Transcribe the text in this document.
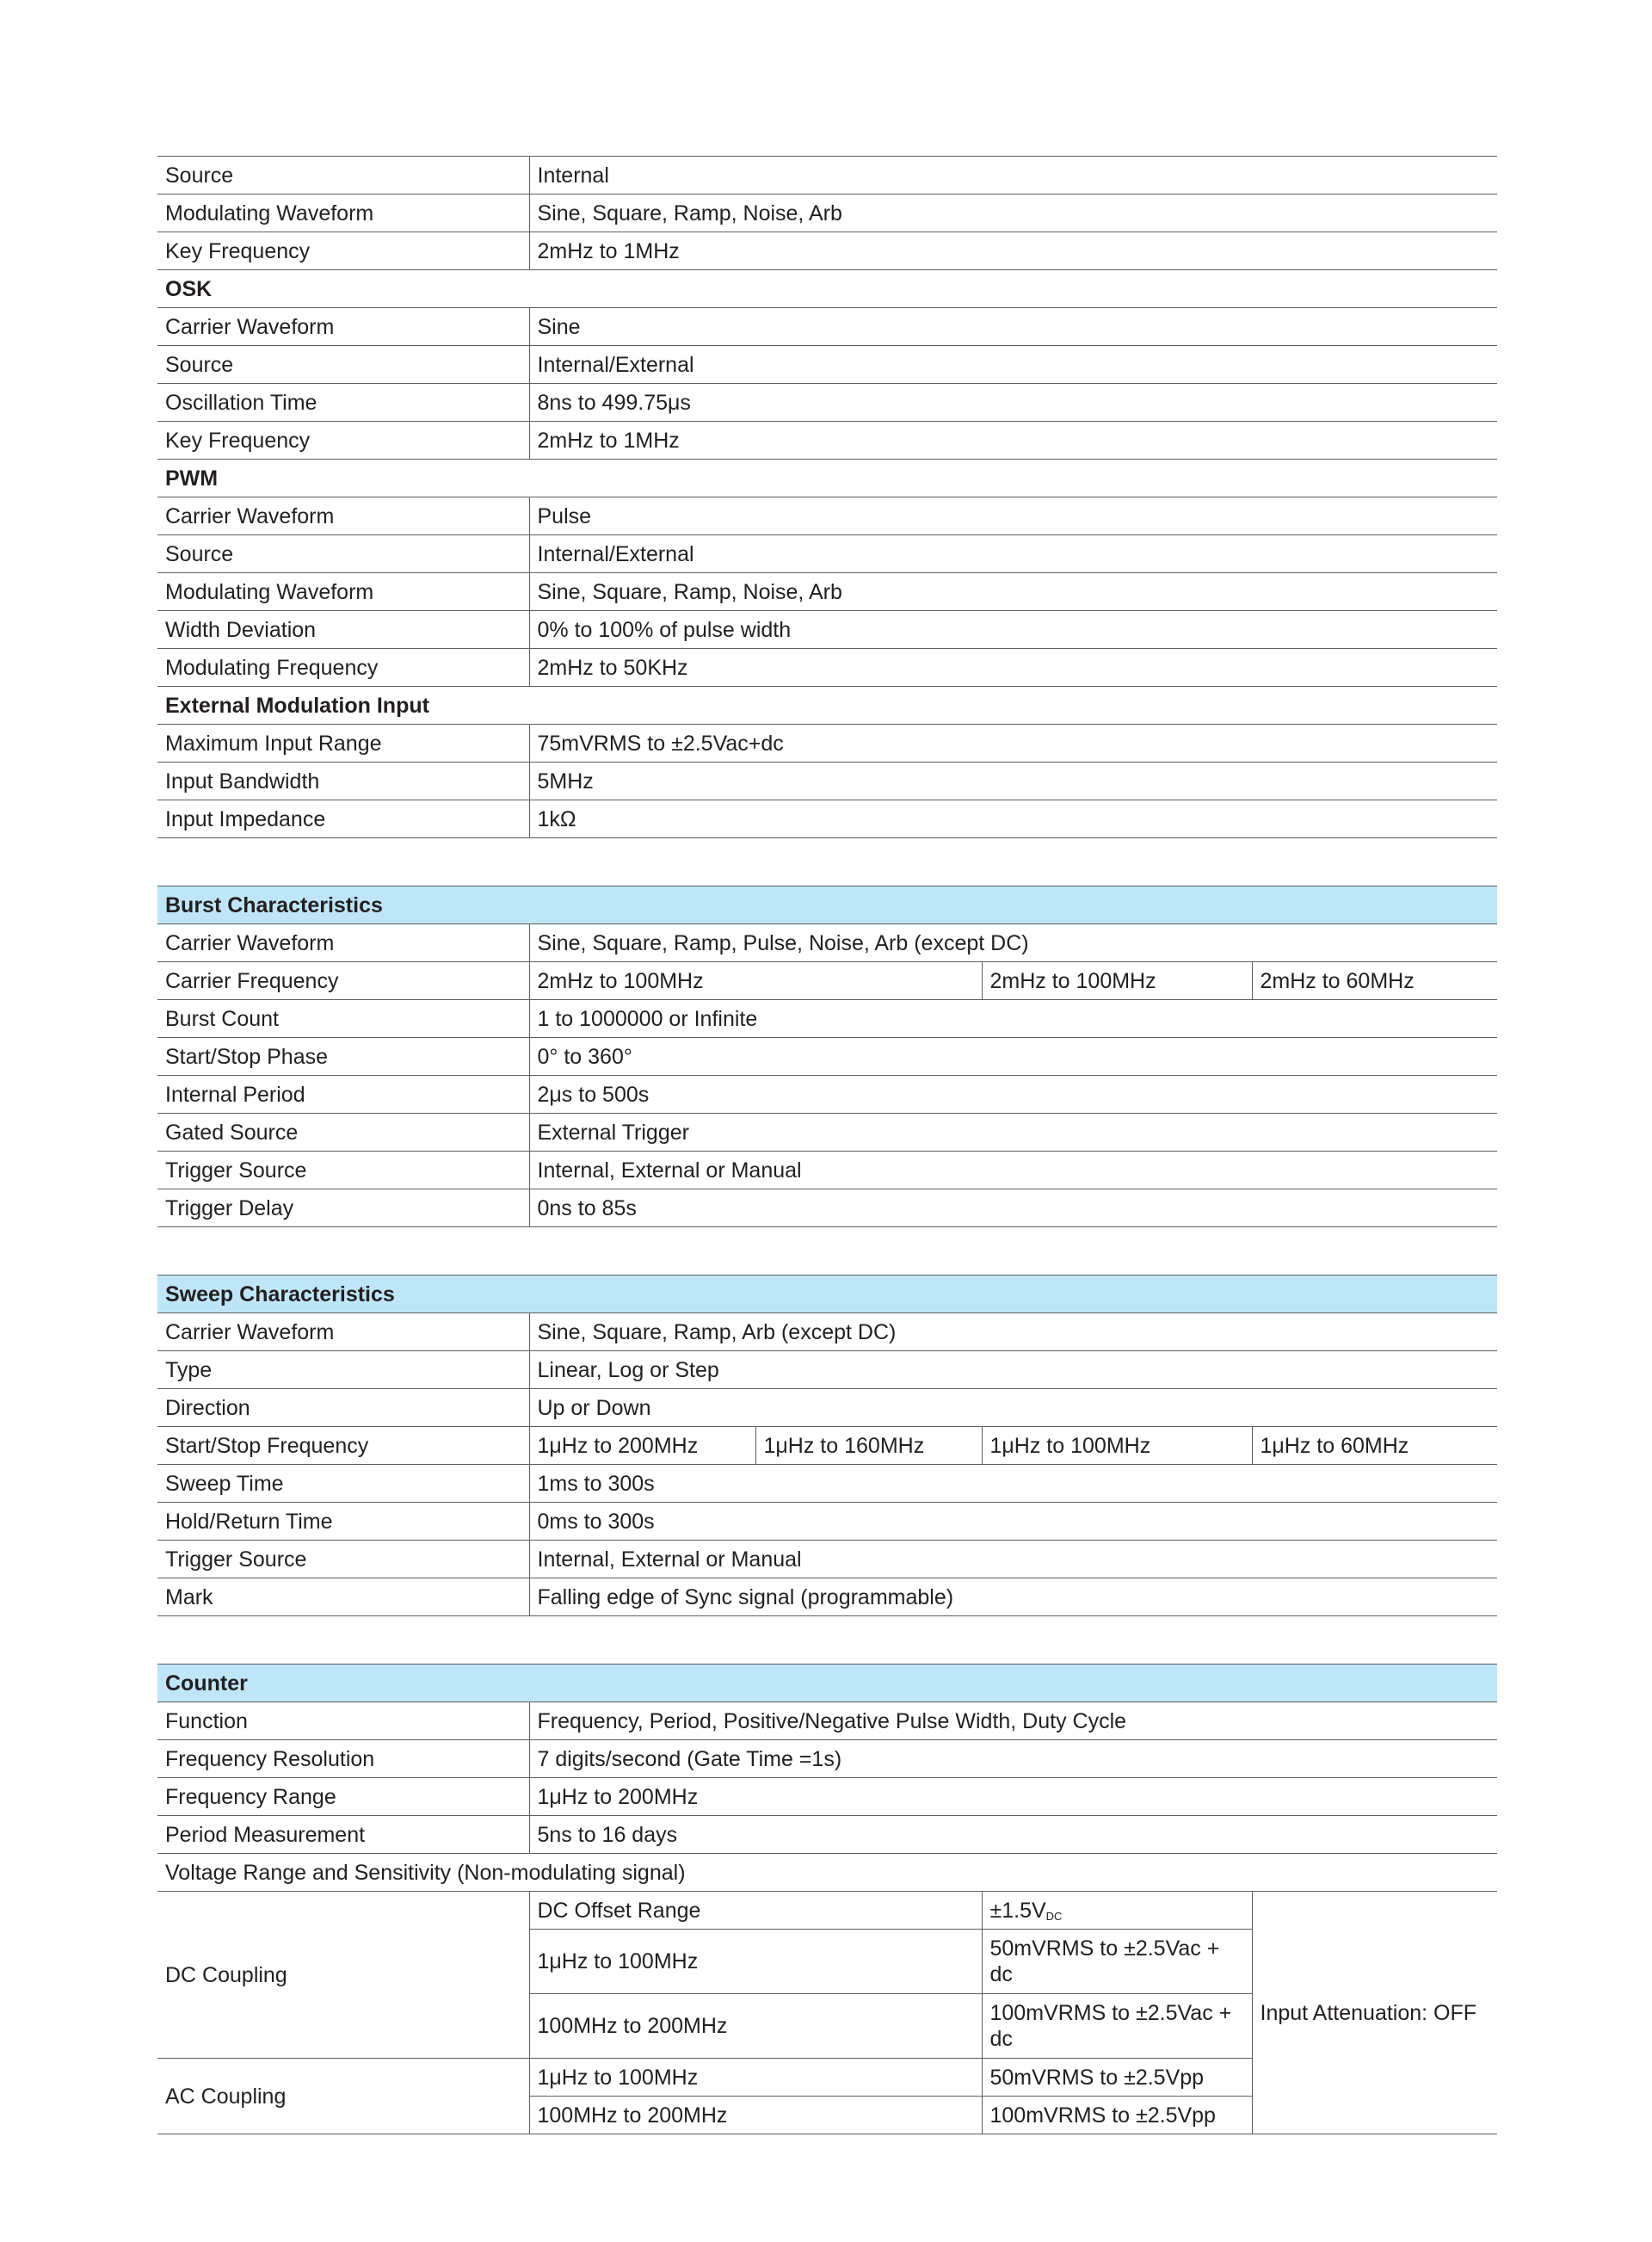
Source	Internal
Modulating Waveform	Sine, Square, Ramp, Noise, Arb
Key Frequency	2mHz to 1MHz
OSK	
Carrier Waveform	Sine
Source	Internal/External
Oscillation Time	8ns to 499.75μs
Key Frequency	2mHz to 1MHz
PWM	
Carrier Waveform	Pulse
Source	Internal/External
Modulating Waveform	Sine, Square, Ramp, Noise, Arb
Width Deviation	0% to 100% of pulse width
Modulating Frequency	2mHz to 50KHz
External Modulation Input	
Maximum Input Range	75mVRMS to ±2.5Vac+dc
Input Bandwidth	5MHz
Input Impedance	1kΩ
Burst Characteristics			
Carrier Waveform	Sine, Square, Ramp, Pulse, Noise, Arb (except DC)		
Carrier Frequency	2mHz to 100MHz	2mHz to 100MHz	2mHz to 60MHz
Burst Count	1 to 1000000 or Infinite		
Start/Stop Phase	0° to 360°		
Internal Period	2μs to 500s		
Gated Source	External Trigger		
Trigger Source	Internal, External or Manual		
Trigger Delay	0ns to 85s		
Sweep Characteristics				
Carrier Waveform	Sine, Square, Ramp, Arb (except DC)			
Type	Linear, Log or Step			
Direction	Up or Down			
Start/Stop Frequency	1μHz to 200MHz	1μHz to 160MHz	1μHz to 100MHz	1μHz to 60MHz
Sweep Time	1ms to 300s			
Hold/Return Time	0ms to 300s			
Trigger Source	Internal, External or Manual			
Mark	Falling edge of Sync signal (programmable)			
Counter			
Function	Frequency, Period, Positive/Negative Pulse Width, Duty Cycle		
Frequency Resolution	7 digits/second (Gate Time =1s)		
Frequency Range	1μHz to 200MHz		
Period Measurement	5ns to 16 days		
Voltage Range and Sensitivity (Non-modulating signal)			
DC Coupling	DC Offset Range	$\pm 1.5V_{DC}$	Input Attenuation: OFF
	1μHz to 100MHz	50mVRMS to ±2.5Vac + dc	
	100MHz to 200MHz	100mVRMS to ±2.5Vac + dc	
AC Coupling	1μHz to 100MHz	50mVRMS to ±2.5Vpp	
	100MHz to 200MHz	100mVRMS to ±2.5Vpp	
